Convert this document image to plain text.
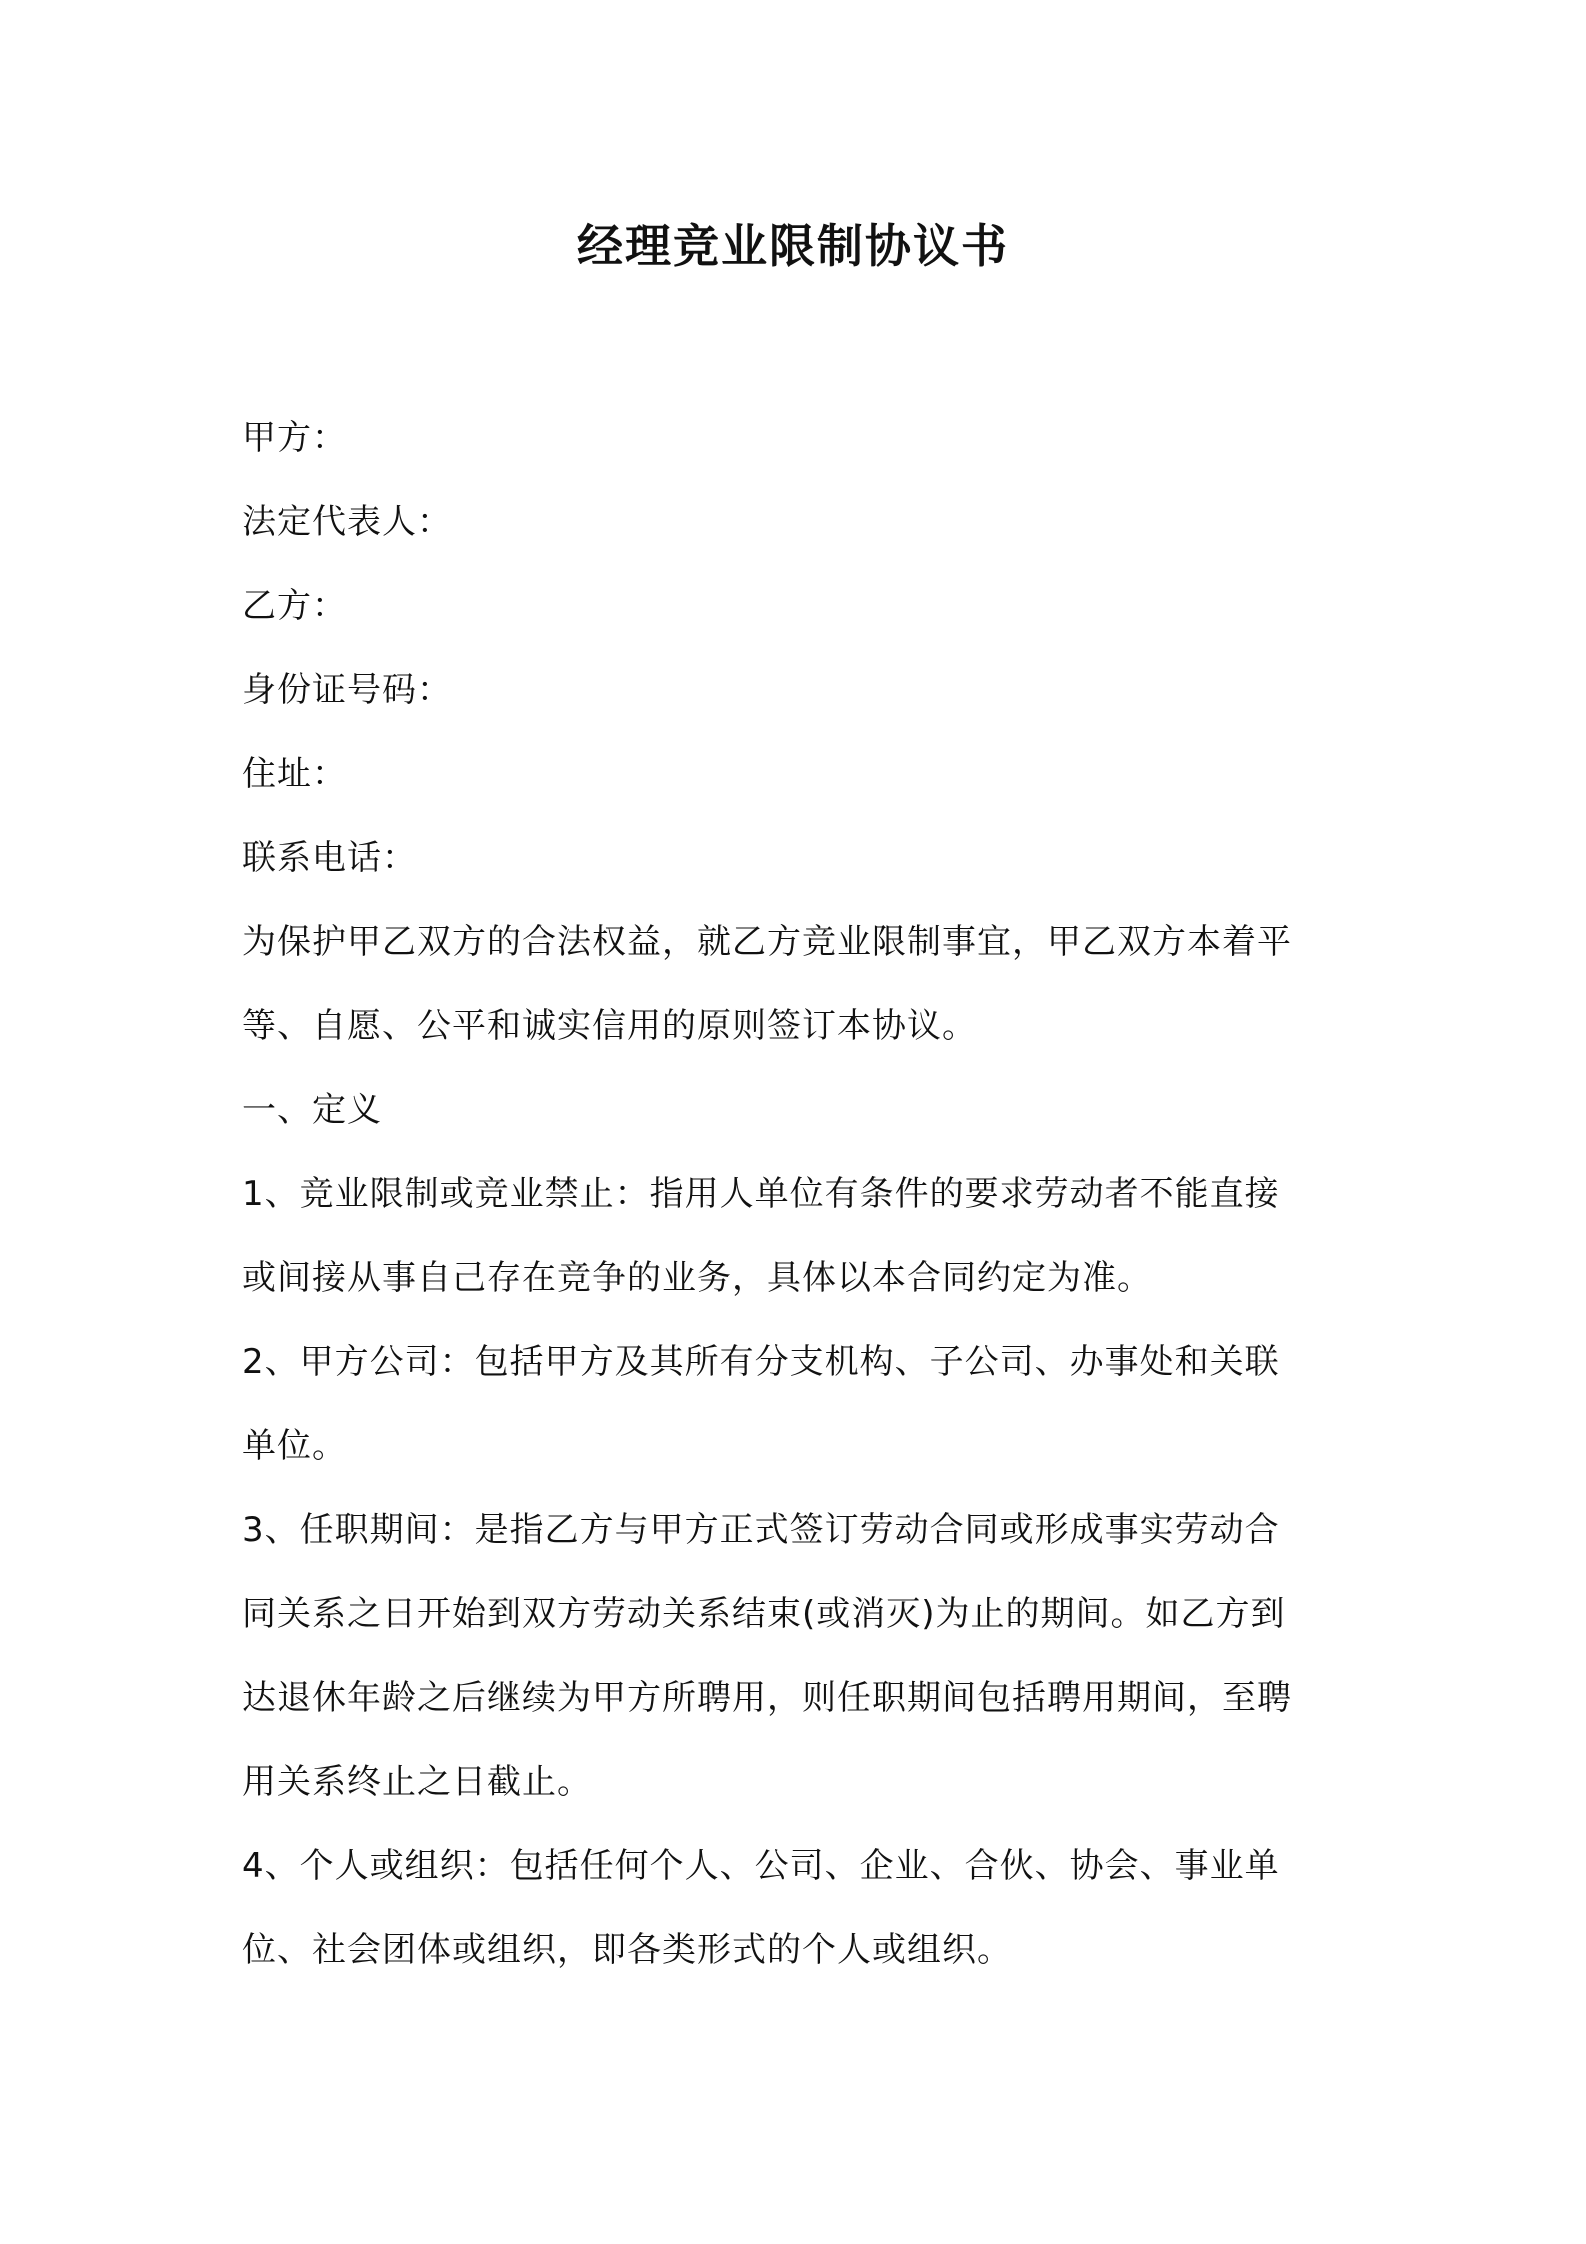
经理竞业限制协议书
甲方：
法定代表人：
乙方：
身份证号码：
住址：
联系电话：
为保护甲乙双方的合法权益，就乙方竞业限制事宜，甲乙双方本着平
等、自愿、公平和诚实信用的原则签订本协议。
一、定义
1、竞业限制或竞业禁止：指用人单位有条件的要求劳动者不能直接
或间接从事自己存在竞争的业务，具体以本合同约定为准。
2、甲方公司：包括甲方及其所有分支机构、子公司、办事处和关联
单位。
3、任职期间：是指乙方与甲方正式签订劳动合同或形成事实劳动合
同关系之日开始到双方劳动关系结束(或消灭)为止的期间。如乙方到
达退休年龄之后继续为甲方所聘用，则任职期间包括聘用期间，至聘
用关系终止之日截止。
4、个人或组织：包括任何个人、公司、企业、合伙、协会、事业单
位、社会团体或组织，即各类形式的个人或组织。
